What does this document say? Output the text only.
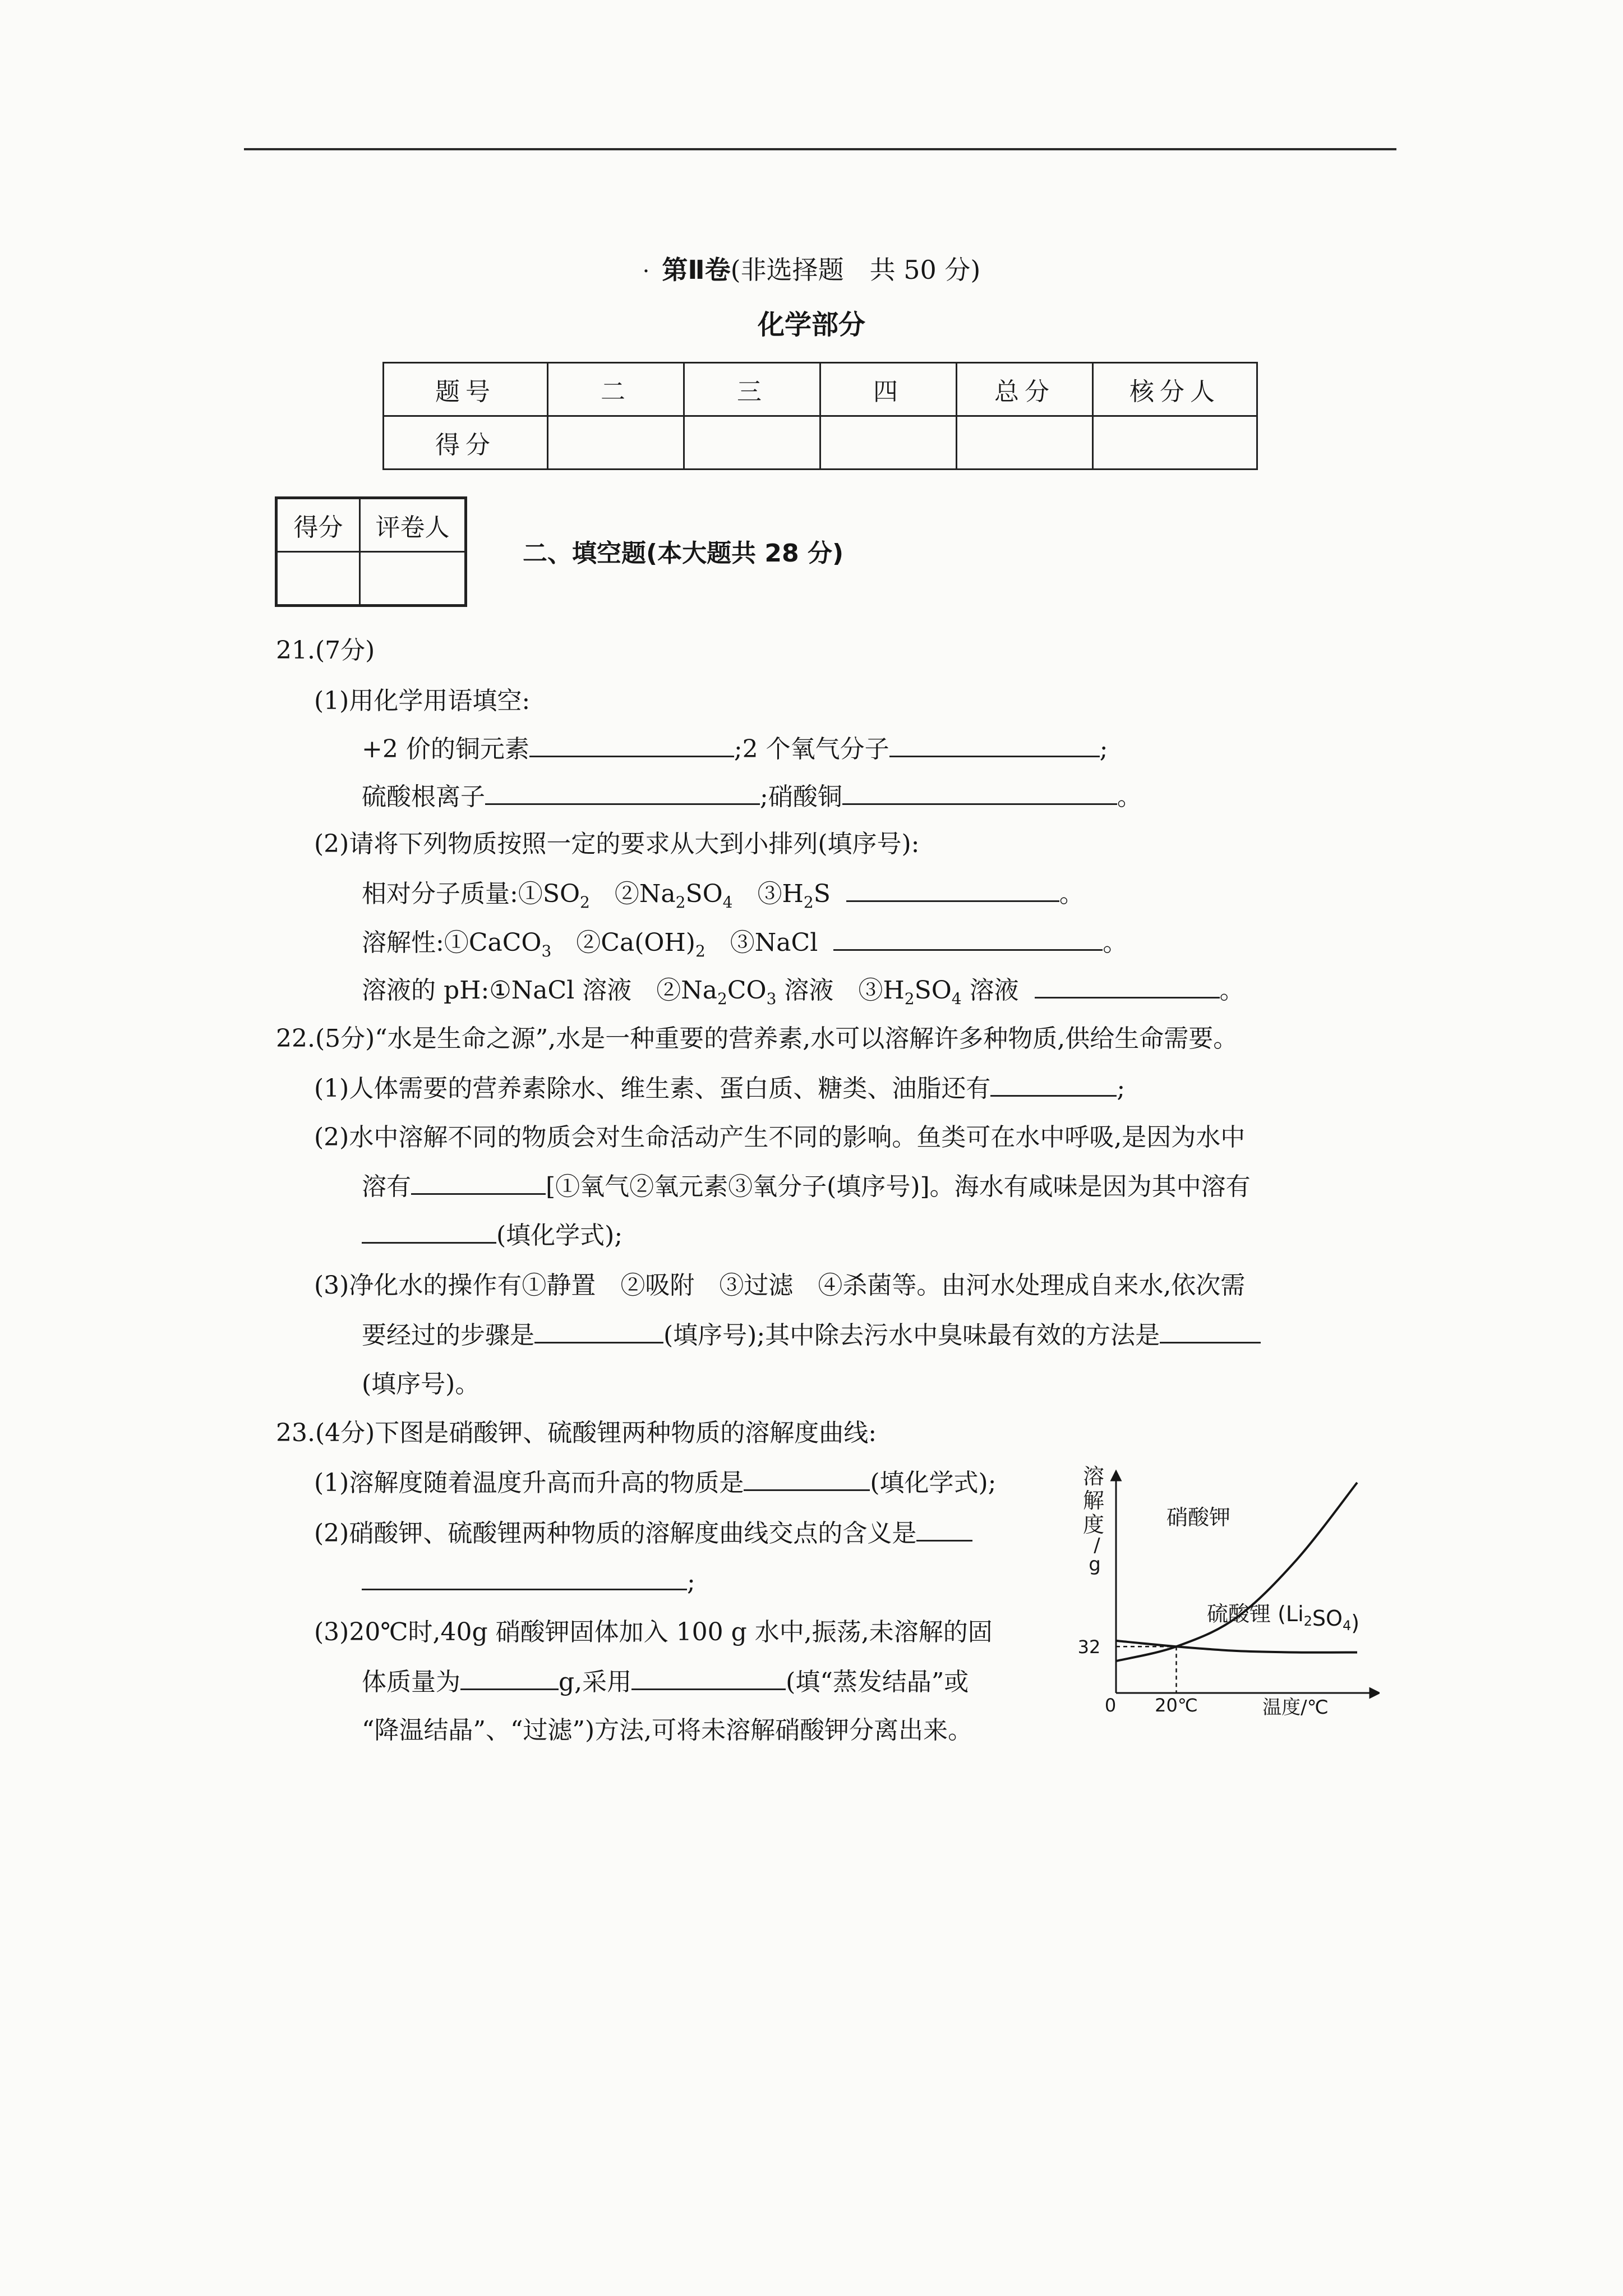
· 第Ⅱ卷(非选择题　共 50 分)
化学部分
题号	二	三	四	总分	核分人
得分					
得分	评卷人

二、填空题(本大题共 28 分)
21.(7分)
(1)用化学用语填空:
+2 价的铜元素	;2 个氧气分子	;
硫酸根离子	;硝酸铜	。
(2)请将下列物质按照一定的要求从大到小排列(填序号):
相对分子质量$:①SO_2$　$②Na_2SO_4$　$③H_2S$	。
溶解性:①CaCO$_3$　$②Ca(OH)_2$　③NaCl	。
溶液的 pH:①NaCl 溶液　$②Na_2CO_3$ 溶液　$③H_2SO_4$ 溶液	。
22.(5分)“水是生命之源”,水是一种重要的营养素,水可以溶解许多种物质,供给生命需要。
(1)人体需要的营养素除水、维生素、蛋白质、糖类、油脂还有	;
(2)水中溶解不同的物质会对生命活动产生不同的影响。鱼类可在水中呼吸,是因为水中
溶有	[①氧气②氧元素③氧分子(填序号)]。海水有咸味是因为其中溶有
(填化学式);
(3)净化水的操作有①静置　②吸附　③过滤　④杀菌等。由河水处理成自来水,依次需
要经过的步骤是	(填序号);其中除去污水中臭味最有效的方法是
(填序号)。
23.(4分)下图是硝酸钾、硫酸锂两种物质的溶解度曲线:
(1)溶解度随着温度升高而升高的物质是	(填化学式);
(2)硝酸钾、硫酸锂两种物质的溶解度曲线交点的含义是
;
(3)20℃时,40g 硝酸钾固体加入 100 g 水中,振荡,未溶解的固
体质量为	g,采用	(填“蒸发结晶”或
“降温结晶”、“过滤”)方法,可将未溶解硝酸钾分离出来。
溶
解
度
/
g
0	温度/℃
32
20℃
硝酸钾
硫酸锂 $(Li_2SO_4)$
